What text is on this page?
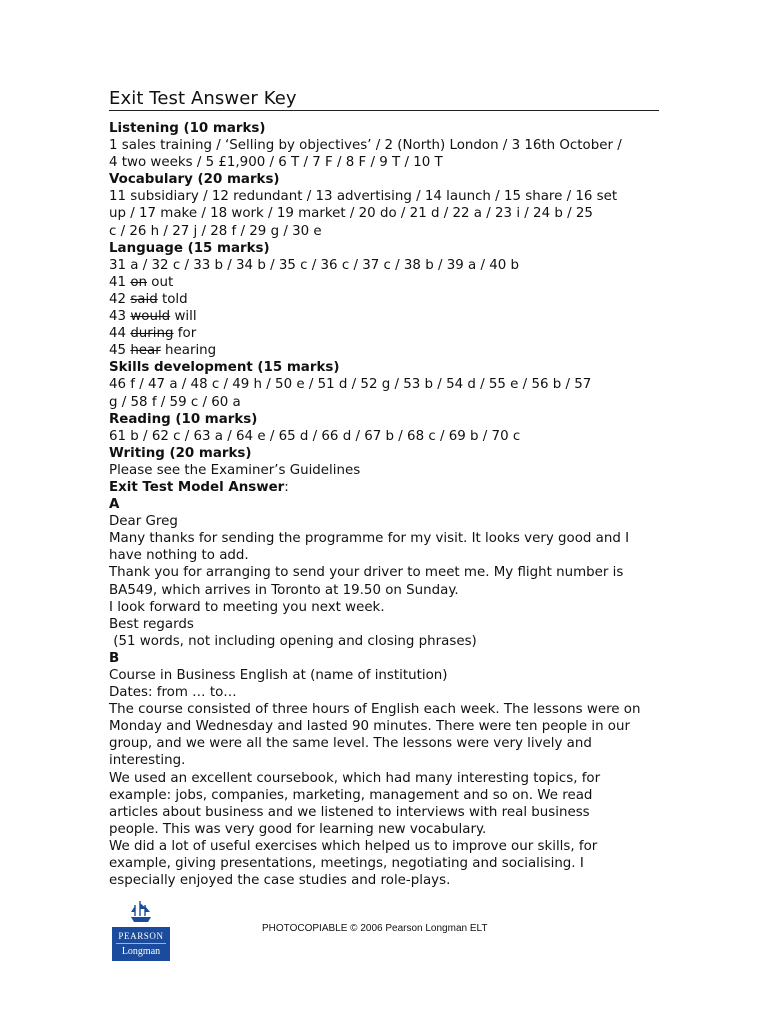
Exit Test Answer Key
Listening (10 marks)
1 sales training / ‘Selling by objectives’ / 2 (North) London / 3 16th October /
4 two weeks / 5 £1,900 / 6 T / 7 F / 8 F / 9 T / 10 T
Vocabulary (20 marks)
11 subsidiary / 12 redundant / 13 advertising / 14 launch / 15 share / 16 set
up / 17 make / 18 work / 19 market / 20 do / 21 d / 22 a / 23 i / 24 b / 25
c / 26 h / 27 j / 28 f / 29 g / 30 e
Language (15 marks)
31 a / 32 c / 33 b / 34 b / 35 c / 36 c / 37 c / 38 b / 39 a / 40 b
41 on out
42 said told
43 would will
44 during for
45 hear hearing
Skills development (15 marks)
46 f / 47 a / 48 c / 49 h / 50 e / 51 d / 52 g / 53 b / 54 d / 55 e / 56 b / 57
g / 58 f / 59 c / 60 a
Reading (10 marks)
61 b / 62 c / 63 a / 64 e / 65 d / 66 d / 67 b / 68 c / 69 b / 70 c
Writing (20 marks)
Please see the Examiner’s Guidelines
Exit Test Model Answer:
A
Dear Greg
Many thanks for sending the programme for my visit. It looks very good and I
have nothing to add.
Thank you for arranging to send your driver to meet me. My flight number is
BA549, which arrives in Toronto at 19.50 on Sunday.
I look forward to meeting you next week.
Best regards
(51 words, not including opening and closing phrases)
B
Course in Business English at (name of institution)
Dates: from … to…
The course consisted of three hours of English each week. The lessons were on
Monday and Wednesday and lasted 90 minutes. There were ten people in our
group, and we were all the same level. The lessons were very lively and
interesting.
We used an excellent coursebook, which had many interesting topics, for
example: jobs, companies, marketing, management and so on. We read
articles about business and we listened to interviews with real business
people. This was very good for learning new vocabulary.
We did a lot of useful exercises which helped us to improve our skills, for
example, giving presentations, meetings, negotiating and socialising. I
especially enjoyed the case studies and role-plays.
PEARSON
Longman
PHOTOCOPIABLE © 2006 Pearson Longman ELT
